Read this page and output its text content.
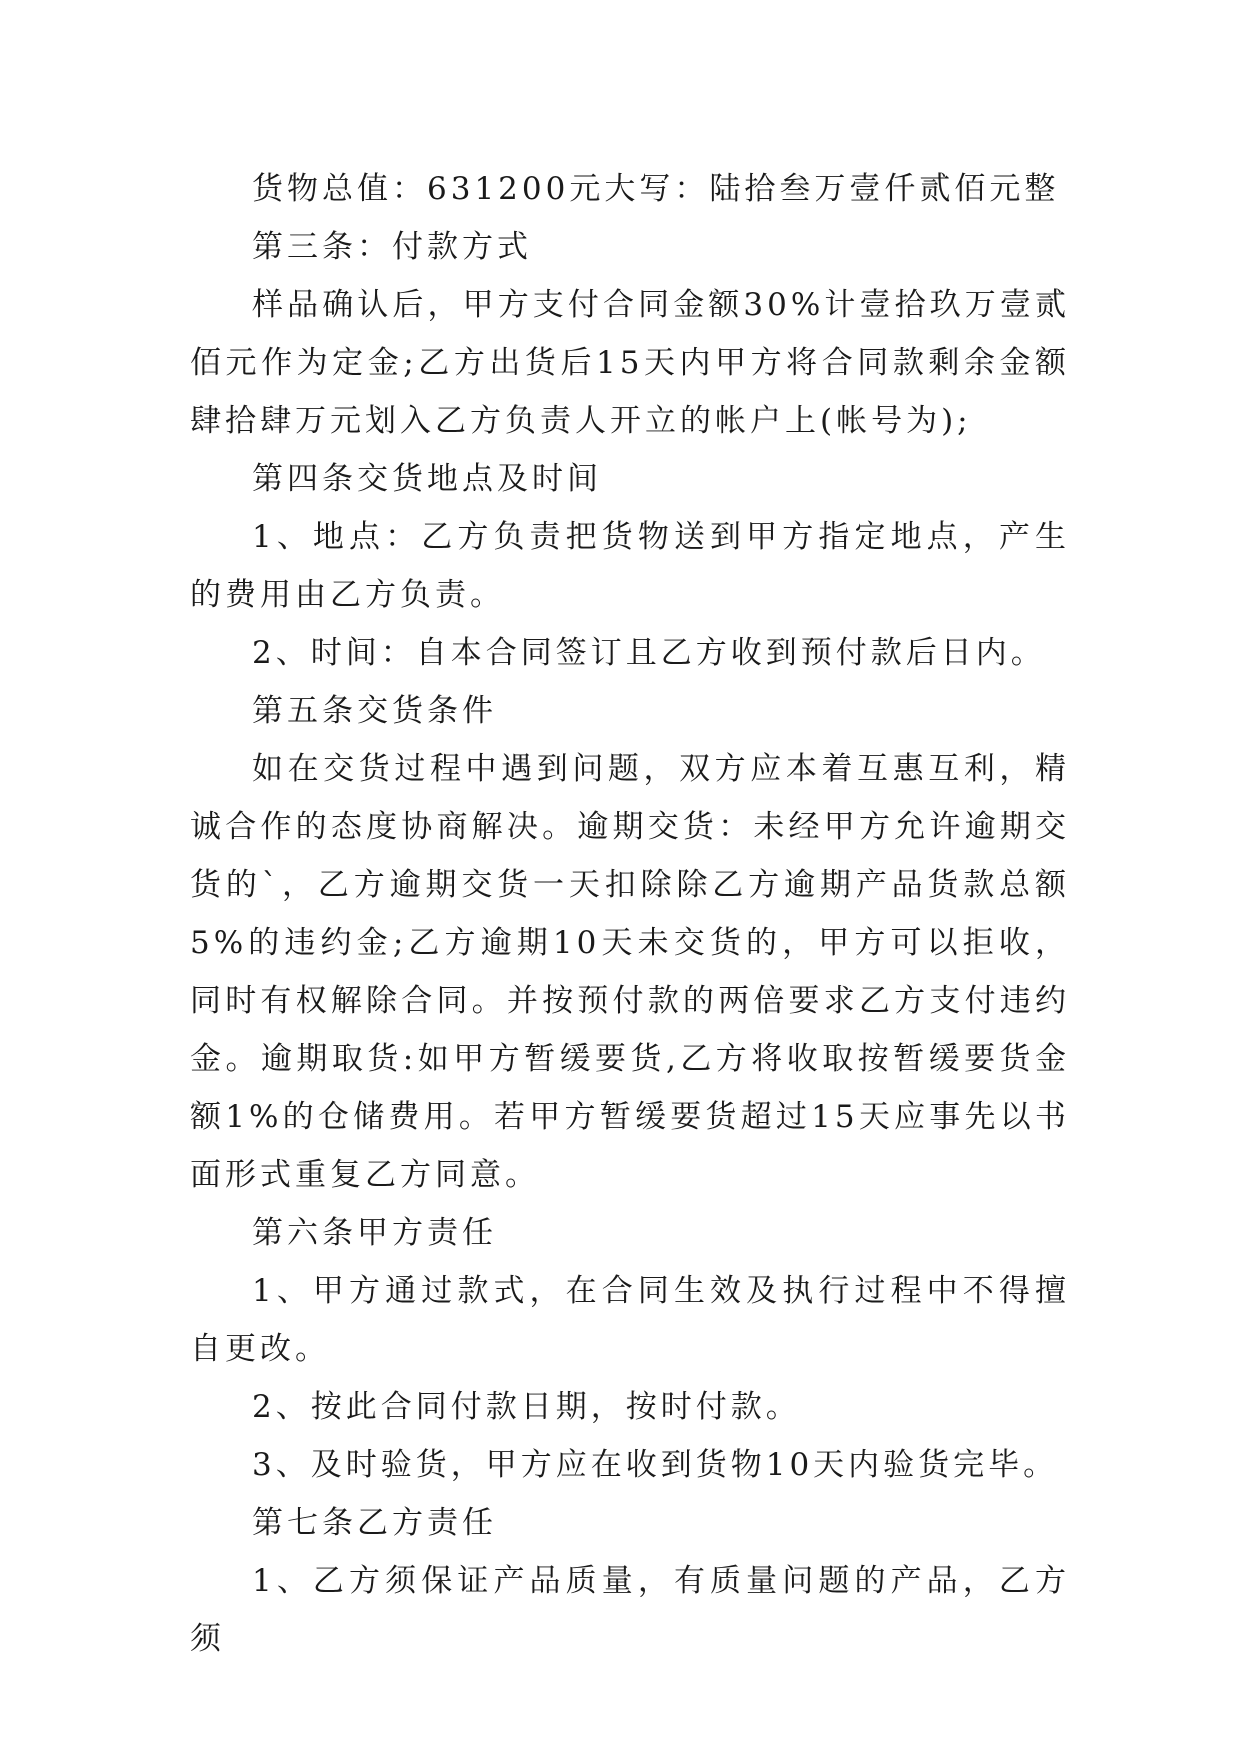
货物总值：631200元大写：陆拾叁万壹仟贰佰元整

第三条：付款方式

样品确认后，甲方支付合同金额30%计壹拾玖万壹贰佰元作为定金;乙方出货后15天内甲方将合同款剩余金额肆拾肆万元划入乙方负责人开立的帐户上(帐号为);

第四条交货地点及时间

1、地点：乙方负责把货物送到甲方指定地点，产生的费用由乙方负责。

2、时间：自本合同签订且乙方收到预付款后日内。

第五条交货条件

如在交货过程中遇到问题，双方应本着互惠互利，精诚合作的态度协商解决。逾期交货：未经甲方允许逾期交货的`，乙方逾期交货一天扣除除乙方逾期产品货款总额5%的违约金;乙方逾期10天未交货的，甲方可以拒收，同时有权解除合同。并按预付款的两倍要求乙方支付违约金。逾期取货:如甲方暂缓要货,乙方将收取按暂缓要货金额1%的仓储费用。若甲方暂缓要货超过15天应事先以书面形式重复乙方同意。

第六条甲方责任

1、甲方通过款式，在合同生效及执行过程中不得擅自更改。

2、按此合同付款日期，按时付款。

3、及时验货，甲方应在收到货物10天内验货完毕。

第七条乙方责任

1、乙方须保证产品质量，有质量问题的产品，乙方须
